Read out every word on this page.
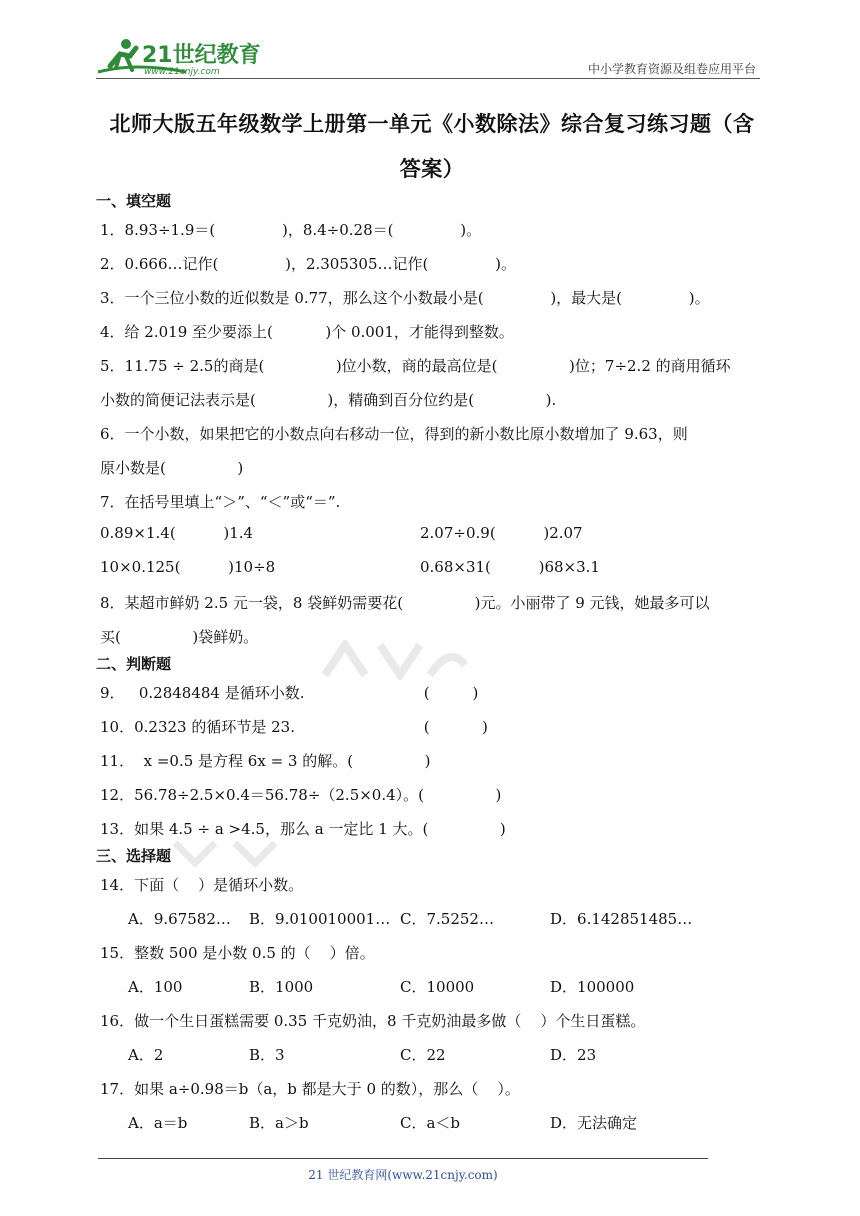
21世纪教育
www.21cnjy.com	中小学教育资源及组卷应用平台
北师大版五年级数学上册第一单元《小数除法》综合复习练习题（含
答案）
一、填空题
1．8.93÷1.9＝(              )，8.4÷0.28＝(              )。
2．0.666…记作(              )，2.305305…记作(              )。
3．一个三位小数的近似数是 0.77，那么这个小数最小是(              )，最大是(              )。
4．给 2.019 至少要添上(           )个 0.001，才能得到整数。
5．11.75 ÷ 2.5的商是(               )位小数，商的最高位是(               )位；7÷2.2 的商用循环
小数的简便记法表示是(               )，精确到百分位约是(               ).
6．一个小数，如果把它的小数点向右移动一位，得到的新小数比原小数增加了 9.63，则
原小数是(               )
7．在括号里填上“＞”、“＜”或“＝”.
0.89×1.4(          )1.4	2.07÷0.9(          )2.07
10×0.125(          )10÷8	0.68×31(          )68×3.1
8．某超市鲜奶 2.5 元一袋，8 袋鲜奶需要花(               )元。小丽带了 9 元钱，她最多可以
买(               )袋鲜奶。
二、判断题
9．   0.2848484 是循环小数.                         (         )
10．0.2323 的循环节是 23.                           (           )
11．  x =0.5 是方程 6x = 3 的解。(               )
12．56.78÷2.5×0.4＝56.78÷（2.5×0.4）。(               )
13．如果 4.5 ÷ a >4.5，那么 a 一定比 1 大。(               )
三、选择题
14．下面（    ）是循环小数。
A．9.67582… B．9.010010001… C．7.5252…	D．6.142851485…
15．整数 500 是小数 0.5 的（    ）倍。
A．100	B．1000	C．10000	D．100000
16．做一个生日蛋糕需要 0.35 千克奶油，8 千克奶油最多做（    ）个生日蛋糕。
A．2	B．3	C．22	D．23
17．如果 a÷0.98＝b（a，b 都是大于 0 的数），那么（    ）。
A．a＝b	B．a＞b	C．a＜b	D．无法确定
21 世纪教育网(www.21cnjy.com)
